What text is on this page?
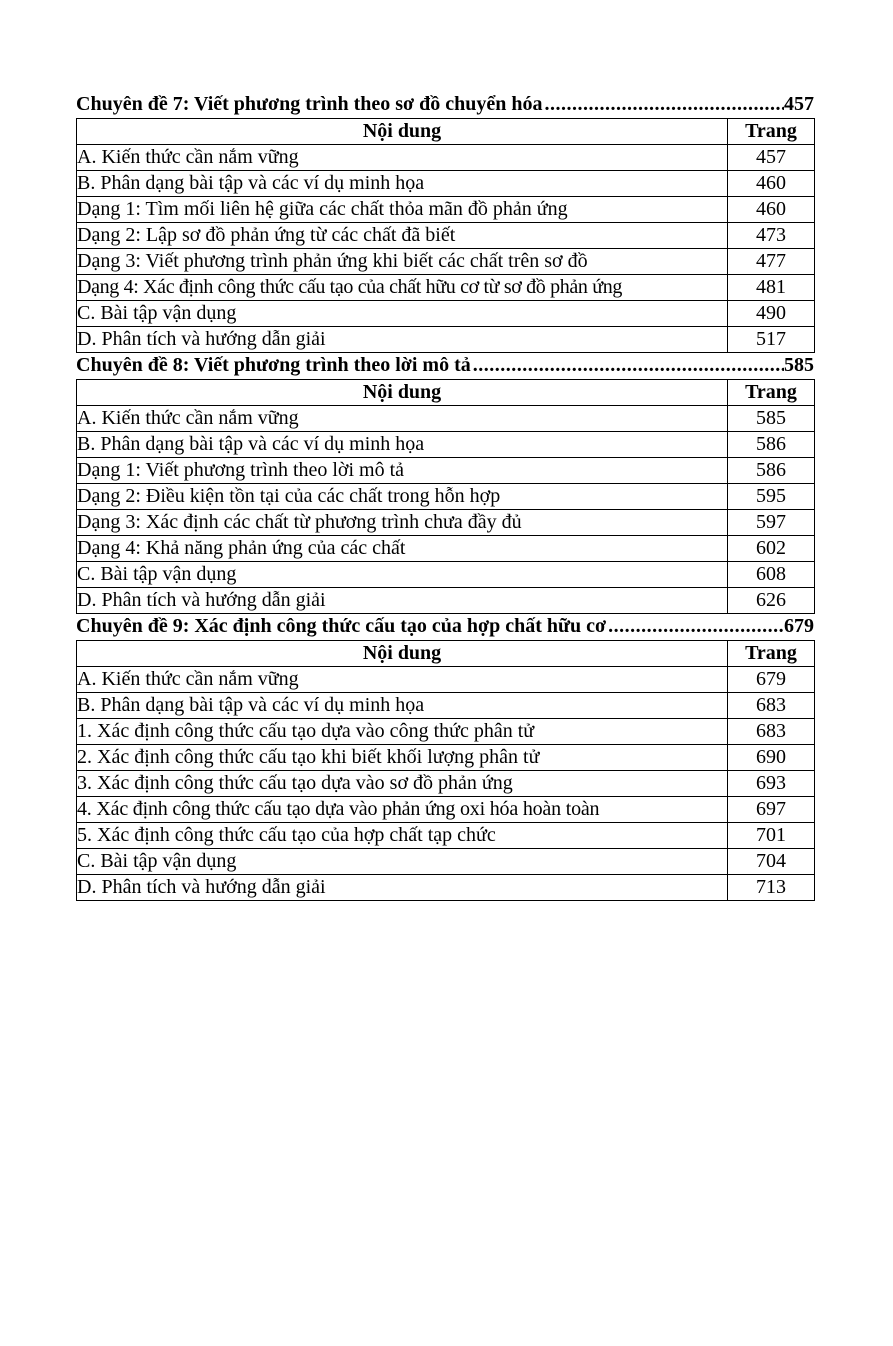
Chuyên đề 7: Viết phương trình theo sơ đồ chuyển hóa .....	457
Nội dung	Trang
A. Kiến thức cần nắm vững	457
B. Phân dạng bài tập và các ví dụ minh họa	460
Dạng 1: Tìm mối liên hệ giữa các chất thỏa mãn đồ phản ứng	460
Dạng 2: Lập sơ đồ phản ứng từ các chất đã biết	473
Dạng 3: Viết phương trình phản ứng khi biết các chất trên sơ đồ	477
Dạng 4: Xác định công thức cấu tạo của chất hữu cơ từ sơ đồ phản ứng	481
C. Bài tập vận dụng	490
D. Phân tích và hướng dẫn giải	517
Chuyên đề 8: Viết phương trình theo lời mô tả .....	585
Nội dung	Trang
A. Kiến thức cần nắm vững	585
B. Phân dạng bài tập và các ví dụ minh họa	586
Dạng 1: Viết phương trình theo lời mô tả	586
Dạng 2: Điều kiện tồn tại của các chất trong hỗn hợp	595
Dạng 3: Xác định các chất từ phương trình chưa đầy đủ	597
Dạng 4: Khả năng phản ứng của các chất	602
C. Bài tập vận dụng	608
D. Phân tích và hướng dẫn giải	626
Chuyên đề 9: Xác định công thức cấu tạo của hợp chất hữu cơ .....	679
Nội dung	Trang
A. Kiến thức cần nắm vững	679
B. Phân dạng bài tập và các ví dụ minh họa	683
1. Xác định công thức cấu tạo dựa vào công thức phân tử	683
2. Xác định công thức cấu tạo khi biết khối lượng phân tử	690
3. Xác định công thức cấu tạo dựa vào sơ đồ phản ứng	693
4. Xác định công thức cấu tạo dựa vào phản ứng oxi hóa hoàn toàn	697
5. Xác định công thức cấu tạo của hợp chất tạp chức	701
C. Bài tập vận dụng	704
D. Phân tích và hướng dẫn giải	713
